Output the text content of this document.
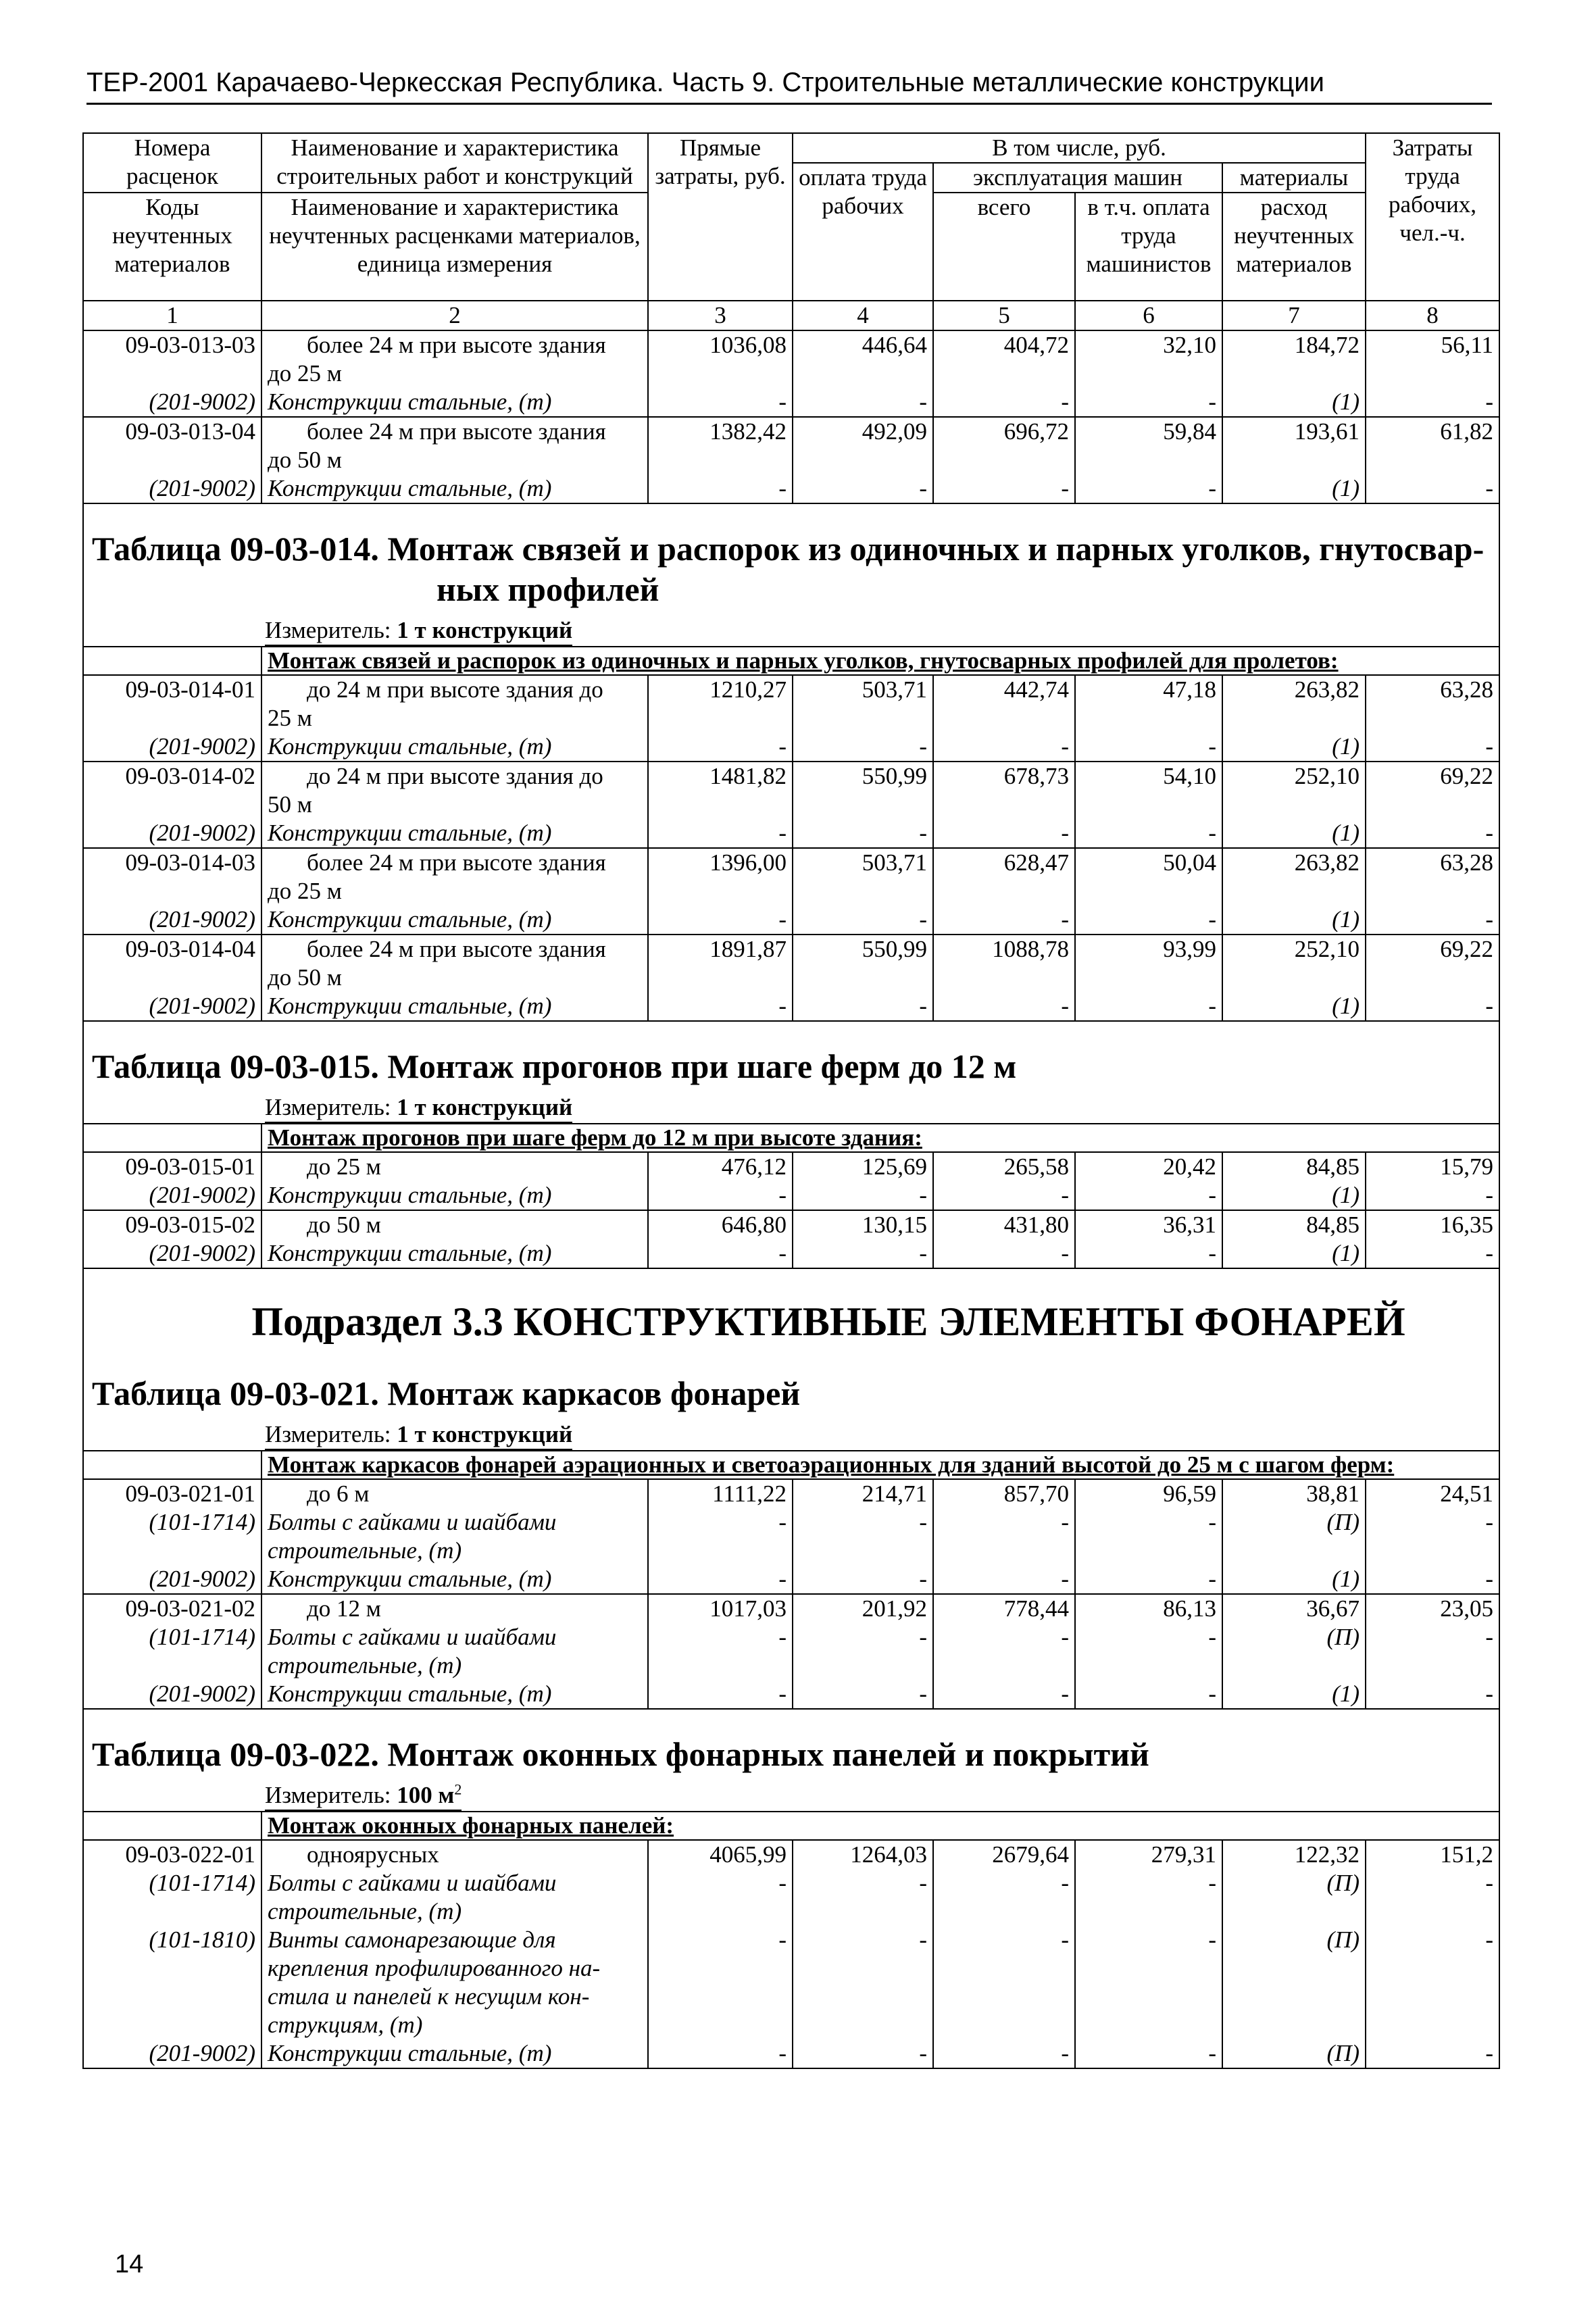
ТЕР-2001 Карачаево-Черкесская Республика. Часть 9. Строительные металлические конструкции
Номера расценок	Наименование и характеристика строительных работ и конструкций	Прямые затраты, руб.	В том числе, руб.				Затраты труда рабочих, чел.-ч.
			оплата труда рабочих	эксплуатация машин		материалы	
Коды неучтенных материалов	Наименование и характеристика неучтенных расценками материалов, единица измерения			всего	в т.ч. оплата труда машинистов	расход неучтенных материалов	

1	2	3	4	5	6	7	8
09-03-013-03	более 24 м при высоте здания	1036,08	446,64	404,72	32,10	184,72	56,11
	до 25 м						
(201-9002)	Конструкции стальные, (т)	-	-	-	-	(1)	-
09-03-013-04	более 24 м при высоте здания	1382,42	492,09	696,72	59,84	193,61	61,82
	до 50 м						
(201-9002)	Конструкции стальные, (т)	-	-	-	-	(1)	-

Таблица 09-03-014. Монтаж связей и распорок из одиночных и парных уголков, гнутосвар-
ных профилей							

Измеритель: 1 т конструкций							
	Монтаж связей и распорок из одиночных и парных уголков, гнутосварных профилей для пролетов:						
09-03-014-01	до 24 м при высоте здания до	1210,27	503,71	442,74	47,18	263,82	63,28
	25 м						
(201-9002)	Конструкции стальные, (т)	-	-	-	-	(1)	-
09-03-014-02	до 24 м при высоте здания до	1481,82	550,99	678,73	54,10	252,10	69,22
	50 м						
(201-9002)	Конструкции стальные, (т)	-	-	-	-	(1)	-
09-03-014-03	более 24 м при высоте здания	1396,00	503,71	628,47	50,04	263,82	63,28
	до 25 м						
(201-9002)	Конструкции стальные, (т)	-	-	-	-	(1)	-
09-03-014-04	более 24 м при высоте здания	1891,87	550,99	1088,78	93,99	252,10	69,22
	до 50 м						
(201-9002)	Конструкции стальные, (т)	-	-	-	-	(1)	-

Таблица 09-03-015. Монтаж прогонов при шаге ферм до 12 м							
Измеритель: 1 т конструкций							
	Монтаж прогонов при шаге ферм до 12 м при высоте здания:						
09-03-015-01	до 25 м	476,12	125,69	265,58	20,42	84,85	15,79
(201-9002)	Конструкции стальные, (т)	-	-	-	-	(1)	-
09-03-015-02	до 50 м	646,80	130,15	431,80	36,31	84,85	16,35
(201-9002)	Конструкции стальные, (т)	-	-	-	-	(1)	-

Подраздел 3.3 КОНСТРУКТИВНЫЕ ЭЛЕМЕНТЫ ФОНАРЕЙ							

Таблица 09-03-021. Монтаж каркасов фонарей							
Измеритель: 1 т конструкций							
	Монтаж каркасов фонарей аэрационных и светоаэрационных для зданий высотой до 25 м с шагом ферм:						
09-03-021-01	до 6 м	1111,22	214,71	857,70	96,59	38,81	24,51
(101-1714)	Болты с гайками и шайбами	-	-	-	-	(П)	-
	строительные, (т)						
(201-9002)	Конструкции стальные, (т)	-	-	-	-	(1)	-
09-03-021-02	до 12 м	1017,03	201,92	778,44	86,13	36,67	23,05
(101-1714)	Болты с гайками и шайбами	-	-	-	-	(П)	-
	строительные, (т)						
(201-9002)	Конструкции стальные, (т)	-	-	-	-	(1)	-

Таблица 09-03-022. Монтаж оконных фонарных панелей и покрытий							
Измеритель: 100 $м^2$
	Монтаж оконных фонарных панелей:						
09-03-022-01	одноярусных	4065,99	1264,03	2679,64	279,31	122,32	151,2
(101-1714)	Болты с гайками и шайбами	-	-	-	-	(П)	-
	строительные, (т)						
(101-1810)	Винты самонарезающие для	-	-	-	-	(П)	-
	крепления профилированного на-						
	стила и панелей к несущим кон-						
	струкциям, (т)						
(201-9002)	Конструкции стальные, (т)	-	-	-	-	(П)	-
14
